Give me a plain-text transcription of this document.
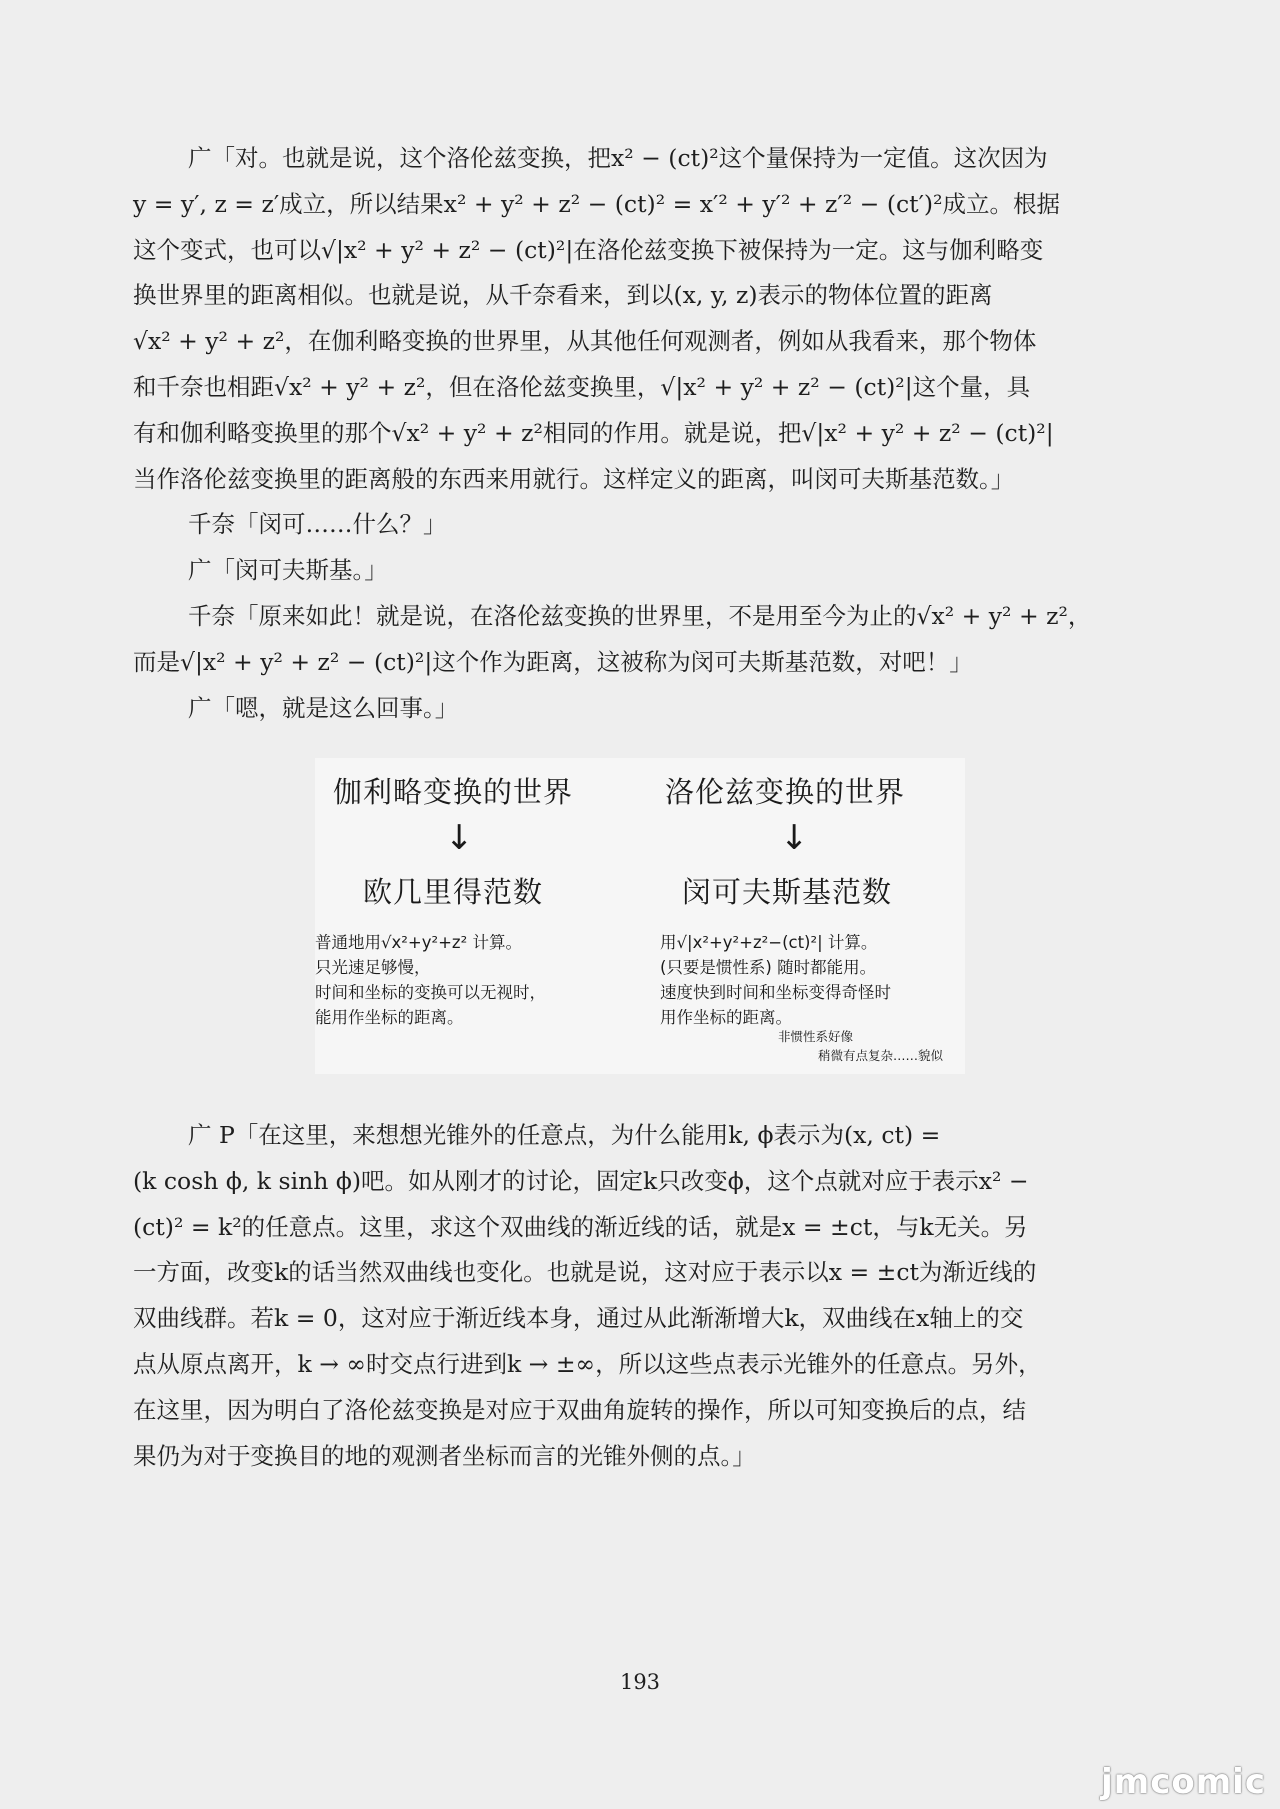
广「对。也就是说，这个洛伦兹变换，把x² − (ct)²这个量保持为一定值。这次因为
y = y′, z = z′成立，所以结果x² + y² + z² − (ct)² = x′² + y′² + z′² − (ct′)²成立。根据
这个变式，也可以√|x² + y² + z² − (ct)²|在洛伦兹变换下被保持为一定。这与伽利略变
换世界里的距离相似。也就是说，从千奈看来，到以(x, y, z)表示的物体位置的距离
√x² + y² + z²，在伽利略变换的世界里，从其他任何观测者，例如从我看来，那个物体
和千奈也相距√x² + y² + z²，但在洛伦兹变换里，√|x² + y² + z² − (ct)²|这个量，具
有和伽利略变换里的那个√x² + y² + z²相同的作用。就是说，把√|x² + y² + z² − (ct)²|
当作洛伦兹变换里的距离般的东西来用就行。这样定义的距离，叫闵可夫斯基范数。」
千奈「闵可……什么？」
广「闵可夫斯基。」
千奈「原来如此！就是说，在洛伦兹变换的世界里，不是用至今为止的√x² + y² + z²，
而是√|x² + y² + z² − (ct)²|这个作为距离，这被称为闵可夫斯基范数，对吧！」
广「嗯，就是这么回事。」
伽利略变换的世界
↓
欧几里得范数
普通地用√x²+y²+z² 计算。
只光速足够慢，
时间和坐标的变换可以无视时，
能用作坐标的距离。
洛伦兹变换的世界
↓
闵可夫斯基范数
用√|x²+y²+z²−(ct)²| 计算。
(只要是惯性系) 随时都能用。
速度快到时间和坐标变得奇怪时
用作坐标的距离。
非惯性系好像
稍微有点复杂……貌似
广 P「在这里，来想想光锥外的任意点，为什么能用k, ϕ表示为(x, ct) =
(k cosh ϕ, k sinh ϕ)吧。如从刚才的讨论，固定k只改变ϕ，这个点就对应于表示x² −
(ct)² = k²的任意点。这里，求这个双曲线的渐近线的话，就是x = ±ct，与k无关。另
一方面，改变k的话当然双曲线也变化。也就是说，这对应于表示以x = ±ct为渐近线的
双曲线群。若k = 0，这对应于渐近线本身，通过从此渐渐增大k，双曲线在x轴上的交
点从原点离开，k → ∞时交点行进到k → ±∞，所以这些点表示光锥外的任意点。另外，
在这里，因为明白了洛伦兹变换是对应于双曲角旋转的操作，所以可知变换后的点，结
果仍为对于变换目的地的观测者坐标而言的光锥外侧的点。」
193
jmcomic
